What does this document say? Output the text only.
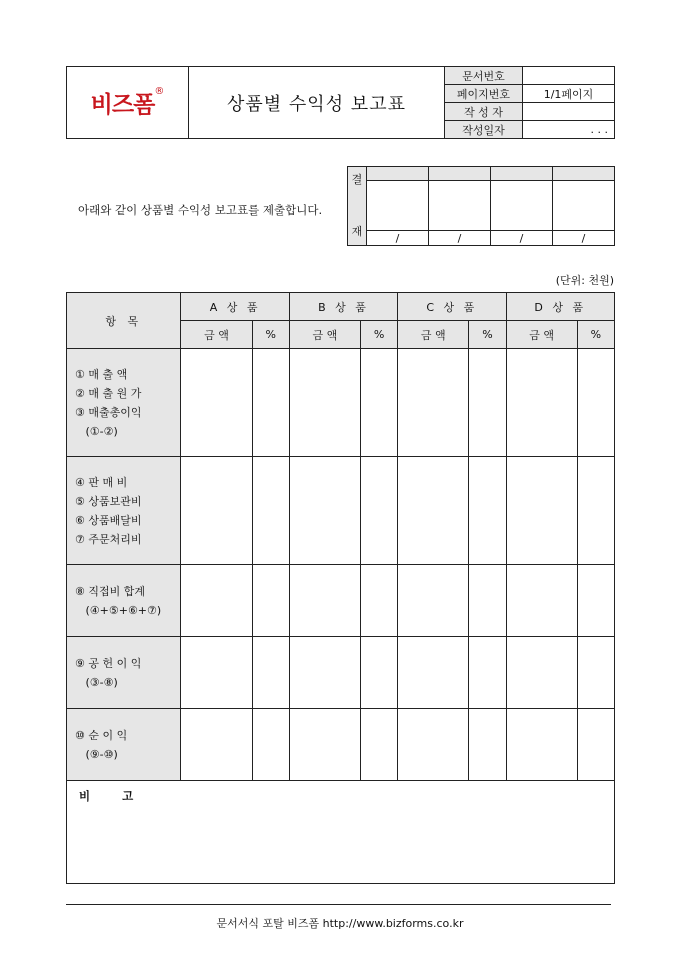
비즈폼®	상품별 수익성 보고표	문서번호	
		페이지번호	1/1페이지
		작 성 자	
		작성일자	. . .
아래와 같이 상품별 수익성 보고표를 제출합니다.
결

재				

	/	/	/	/
(단위: 천원)
항 목	A 상 품		B 상 품		C 상 품		D 상 품	
	금 액	%	금 액	%	금 액	%	금 액	%

① 매 출 액
② 매 출 원 가
③ 매출총이익
(①-②)								

④ 판 매 비
⑤ 상품보관비
⑥ 상품배달비
⑦ 주문처리비								

⑧ 직접비 합계
(④+⑤+⑥+⑦)								

⑨ 공 헌 이 익
(③-⑧)								

⑩ 순 이 익
(⑨-⑩)								

비 고
문서서식 포탈 비즈폼 http://www.bizforms.co.kr
